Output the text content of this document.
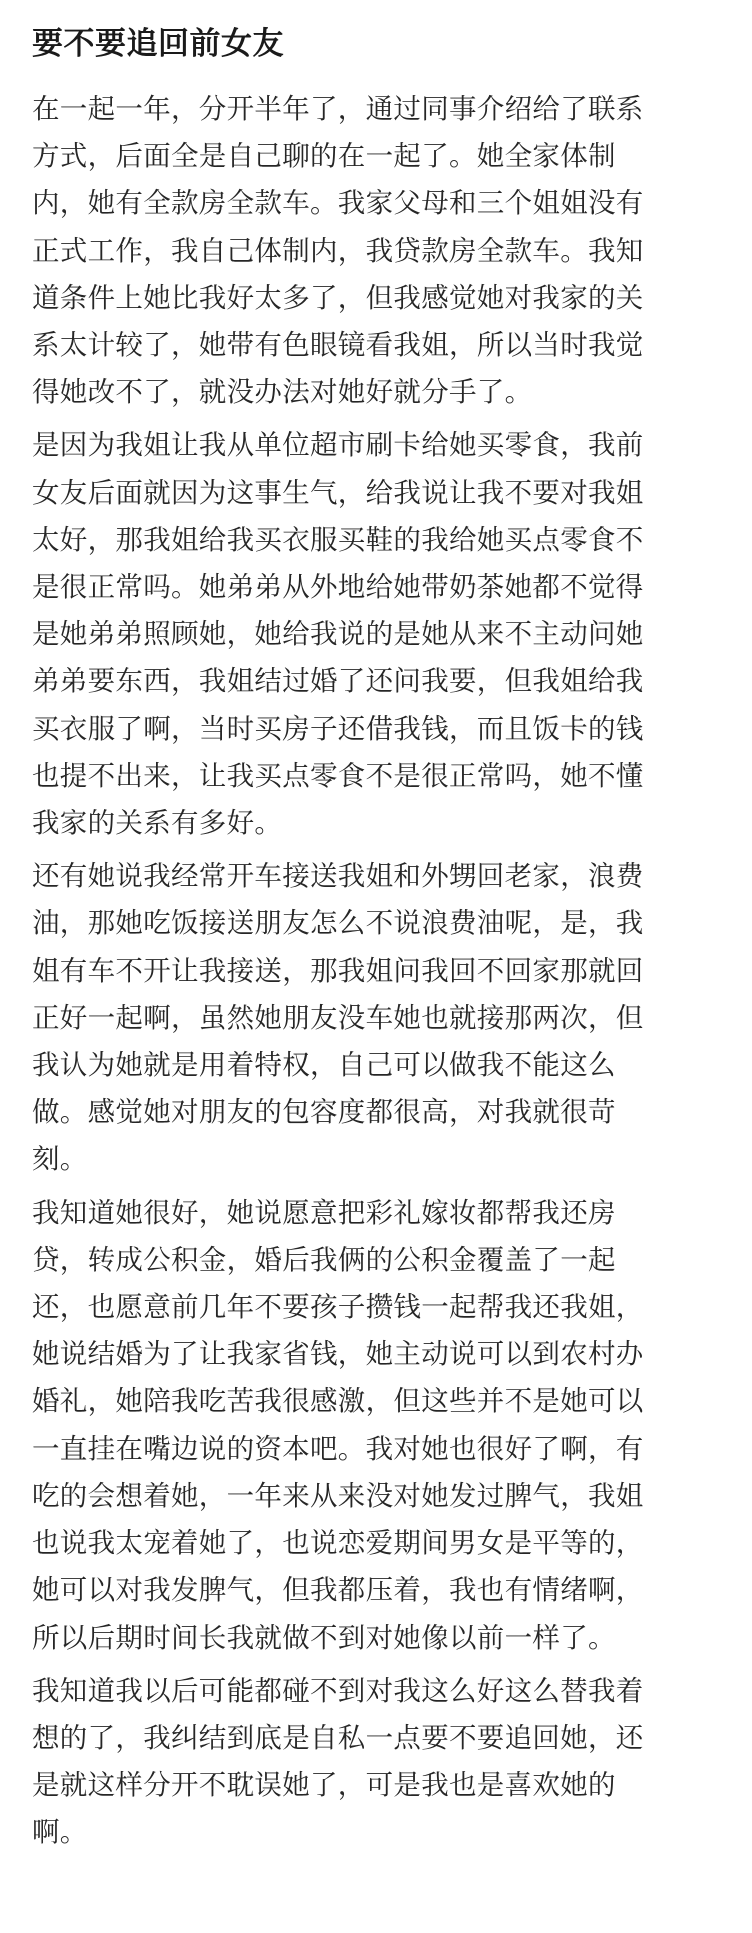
要不要追回前女友
在一起一年，分开半年了，通过同事介绍给了联系
方式，后面全是自己聊的在一起了。她全家体制
内，她有全款房全款车。我家父母和三个姐姐没有
正式工作，我自己体制内，我贷款房全款车。我知
道条件上她比我好太多了，但我感觉她对我家的关
系太计较了，她带有色眼镜看我姐，所以当时我觉
得她改不了，就没办法对她好就分手了。
是因为我姐让我从单位超市刷卡给她买零食，我前
女友后面就因为这事生气，给我说让我不要对我姐
太好，那我姐给我买衣服买鞋的我给她买点零食不
是很正常吗。她弟弟从外地给她带奶茶她都不觉得
是她弟弟照顾她，她给我说的是她从来不主动问她
弟弟要东西，我姐结过婚了还问我要，但我姐给我
买衣服了啊，当时买房子还借我钱，而且饭卡的钱
也提不出来，让我买点零食不是很正常吗，她不懂
我家的关系有多好。
还有她说我经常开车接送我姐和外甥回老家，浪费
油，那她吃饭接送朋友怎么不说浪费油呢，是，我
姐有车不开让我接送，那我姐问我回不回家那就回
正好一起啊，虽然她朋友没车她也就接那两次，但
我认为她就是用着特权，自己可以做我不能这么
做。感觉她对朋友的包容度都很高，对我就很苛
刻。
我知道她很好，她说愿意把彩礼嫁妆都帮我还房
贷，转成公积金，婚后我俩的公积金覆盖了一起
还，也愿意前几年不要孩子攒钱一起帮我还我姐，
她说结婚为了让我家省钱，她主动说可以到农村办
婚礼，她陪我吃苦我很感激，但这些并不是她可以
一直挂在嘴边说的资本吧。我对她也很好了啊，有
吃的会想着她，一年来从来没对她发过脾气，我姐
也说我太宠着她了，也说恋爱期间男女是平等的，
她可以对我发脾气，但我都压着，我也有情绪啊，
所以后期时间长我就做不到对她像以前一样了。
我知道我以后可能都碰不到对我这么好这么替我着
想的了，我纠结到底是自私一点要不要追回她，还
是就这样分开不耽误她了，可是我也是喜欢她的
啊。
